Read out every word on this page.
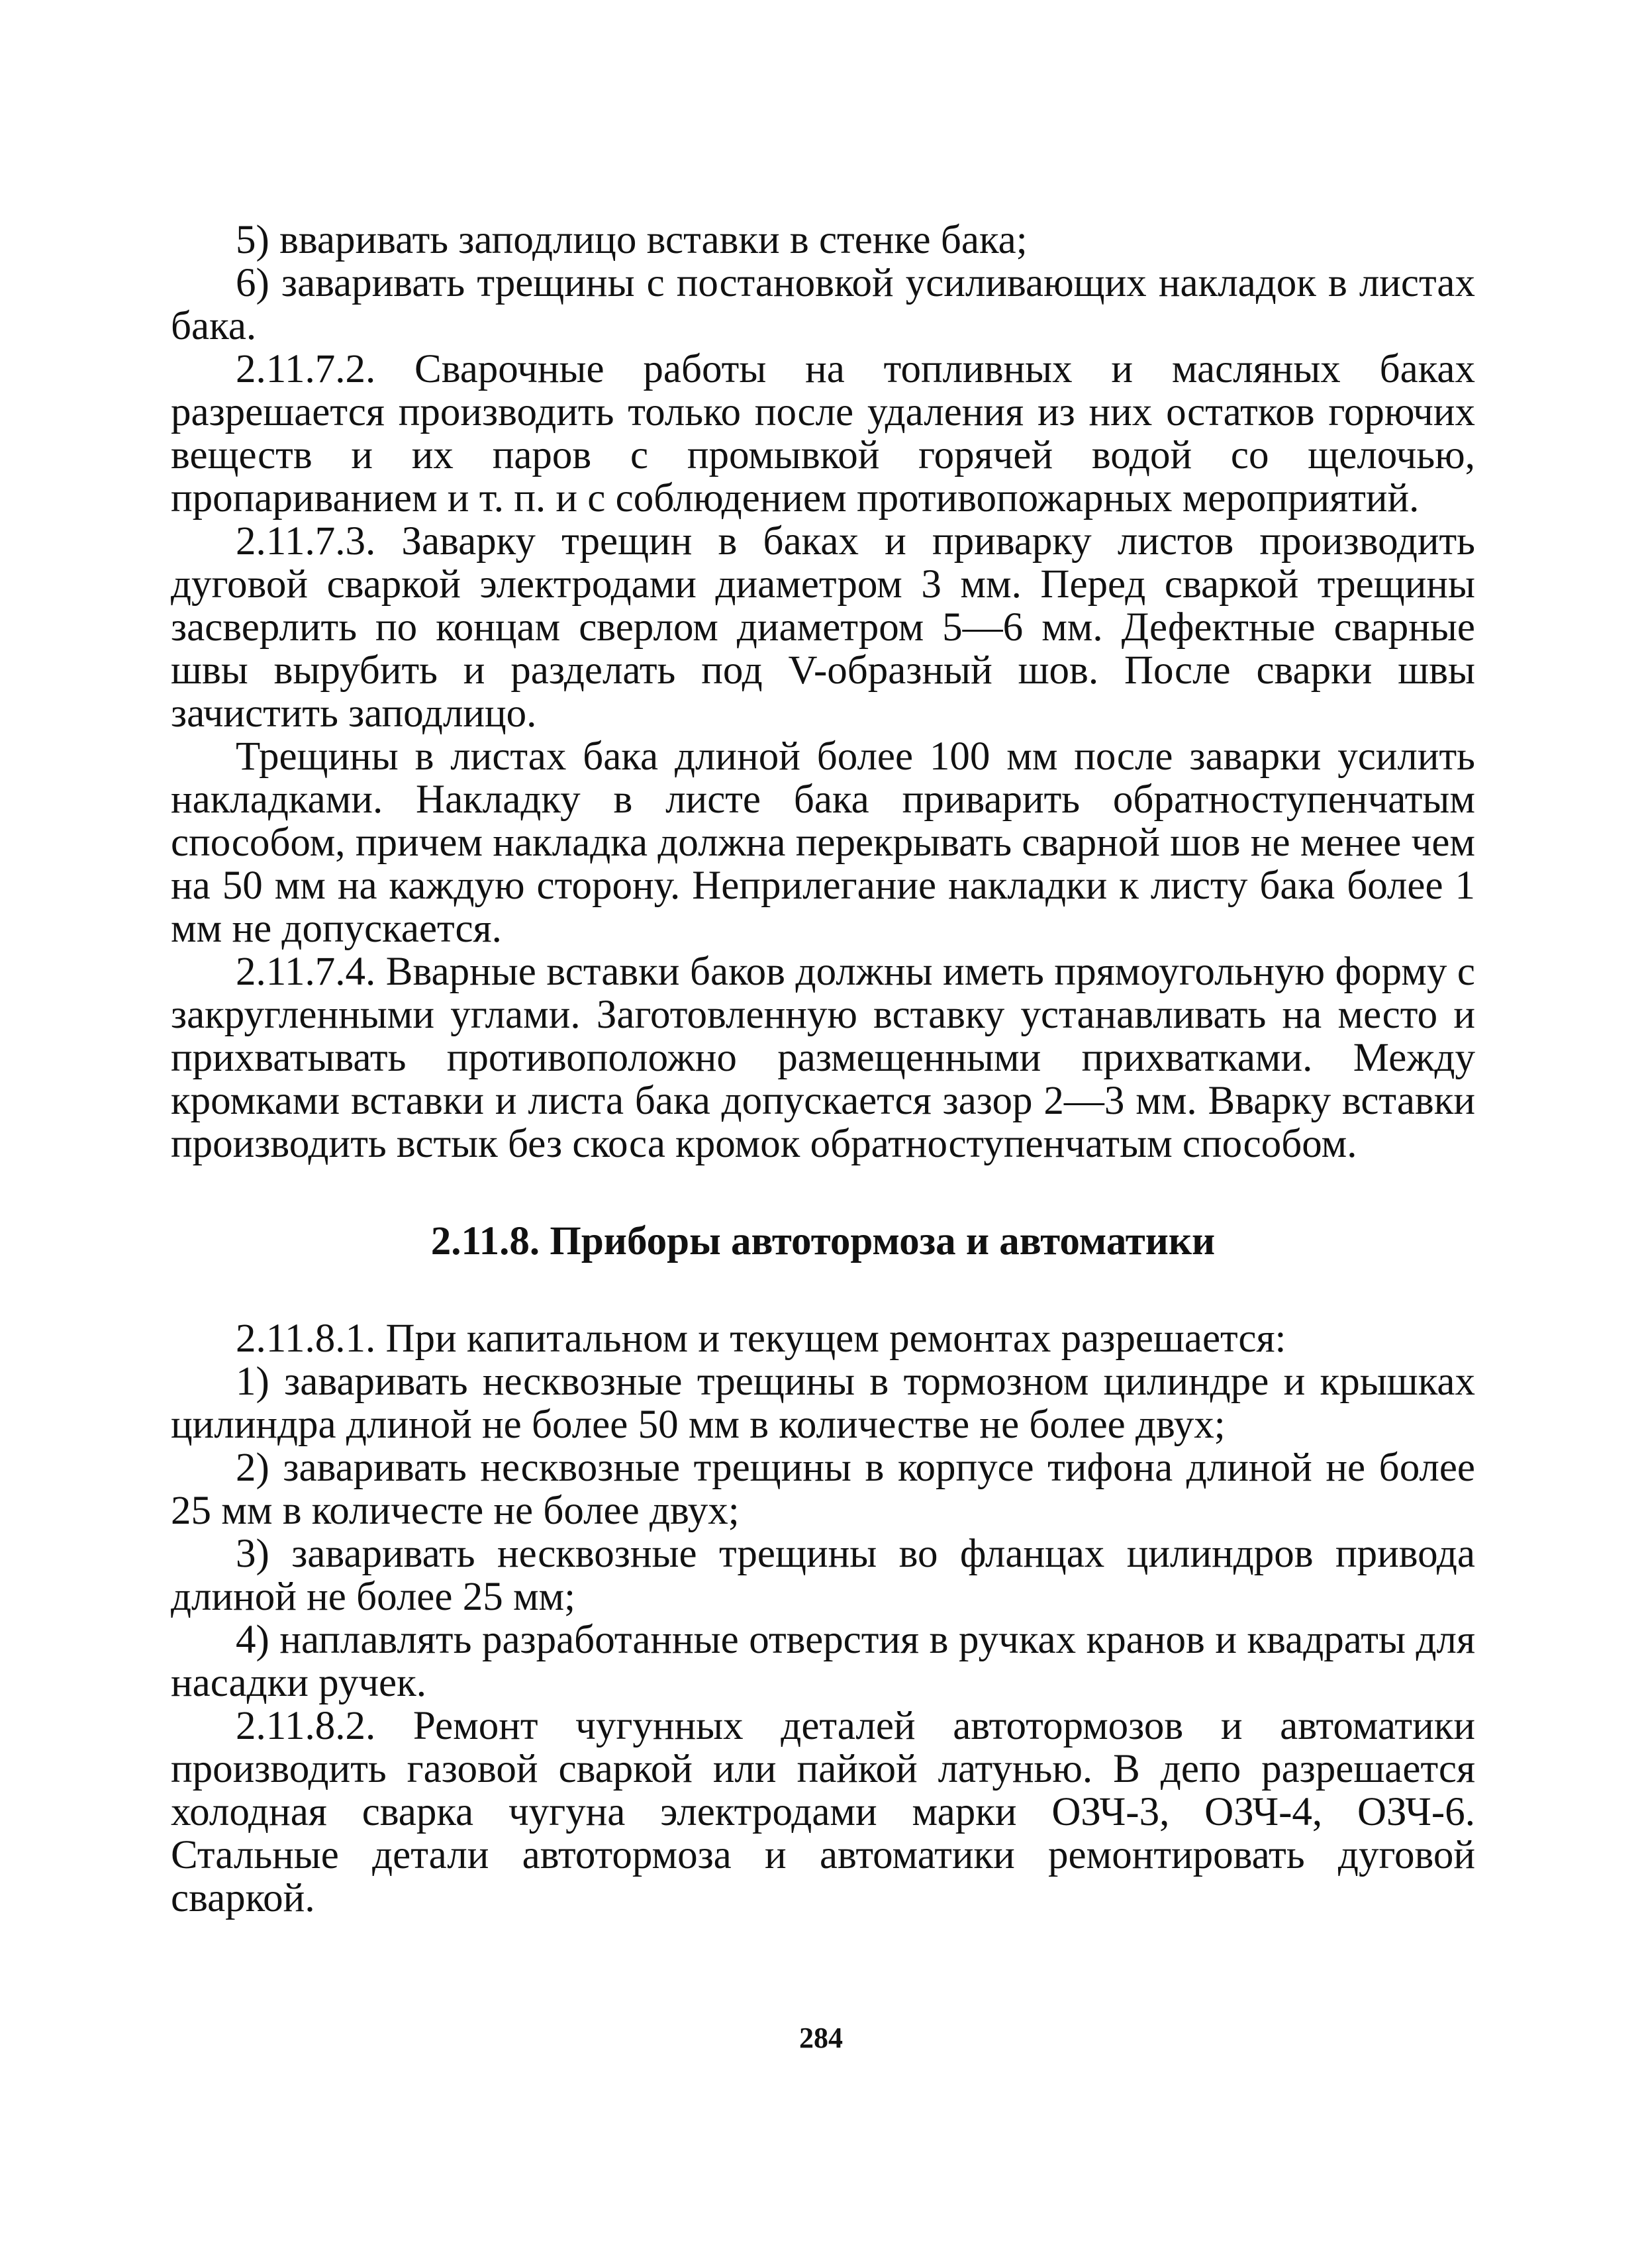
5) вваривать заподлицо вставки в стенке бака;

6) заваривать трещины с постановкой усиливающих накладок в листах бака.

2.11.7.2. Сварочные работы на топливных и масляных баках разрешается производить только после удаления из них остатков горючих веществ и их паров с промывкой горячей водой со щелочью, пропариванием и т. п. и с соблюдением противопожарных мероприятий.

2.11.7.3. Заварку трещин в баках и приварку листов производить дуговой сваркой электродами диаметром 3 мм. Перед сваркой трещины засверлить по концам сверлом диаметром 5—6 мм. Дефектные сварные швы вырубить и разделать под V-образный шов. После сварки швы зачистить заподлицо.

Трещины в листах бака длиной более 100 мм после заварки усилить накладками. Накладку в листе бака приварить обратноступенчатым способом, причем накладка должна перекрывать сварной шов не менее чем на 50 мм на каждую сторону. Неприлегание накладки к листу бака более 1 мм не допускается.

2.11.7.4. Вварные вставки баков должны иметь прямоугольную форму с закругленными углами. Заготовленную вставку устанавливать на место и прихватывать противоположно размещенными прихватками. Между кромками вставки и листа бака допускается зазор 2—3 мм. Вварку вставки производить встык без скоса кромок обратноступенчатым способом.

2.11.8. Приборы автотормоза и автоматики

2.11.8.1. При капитальном и текущем ремонтах разрешается:

1) заваривать несквозные трещины в тормозном цилиндре и крышках цилиндра длиной не более 50 мм в количестве не более двух;

2) заваривать несквозные трещины в корпусе тифона длиной не более 25 мм в количесте не более двух;

3) заваривать несквозные трещины во фланцах цилиндров привода длиной не более 25 мм;

4) наплавлять разработанные отверстия в ручках кранов и квадраты для насадки ручек.

2.11.8.2. Ремонт чугунных деталей автотормозов и автоматики производить газовой сваркой или пайкой латунью. В депо разрешается холодная сварка чугуна электродами марки ОЗЧ-3, ОЗЧ-4, ОЗЧ-6. Стальные детали автотормоза и автоматики ремонтировать дуговой сваркой.

284
